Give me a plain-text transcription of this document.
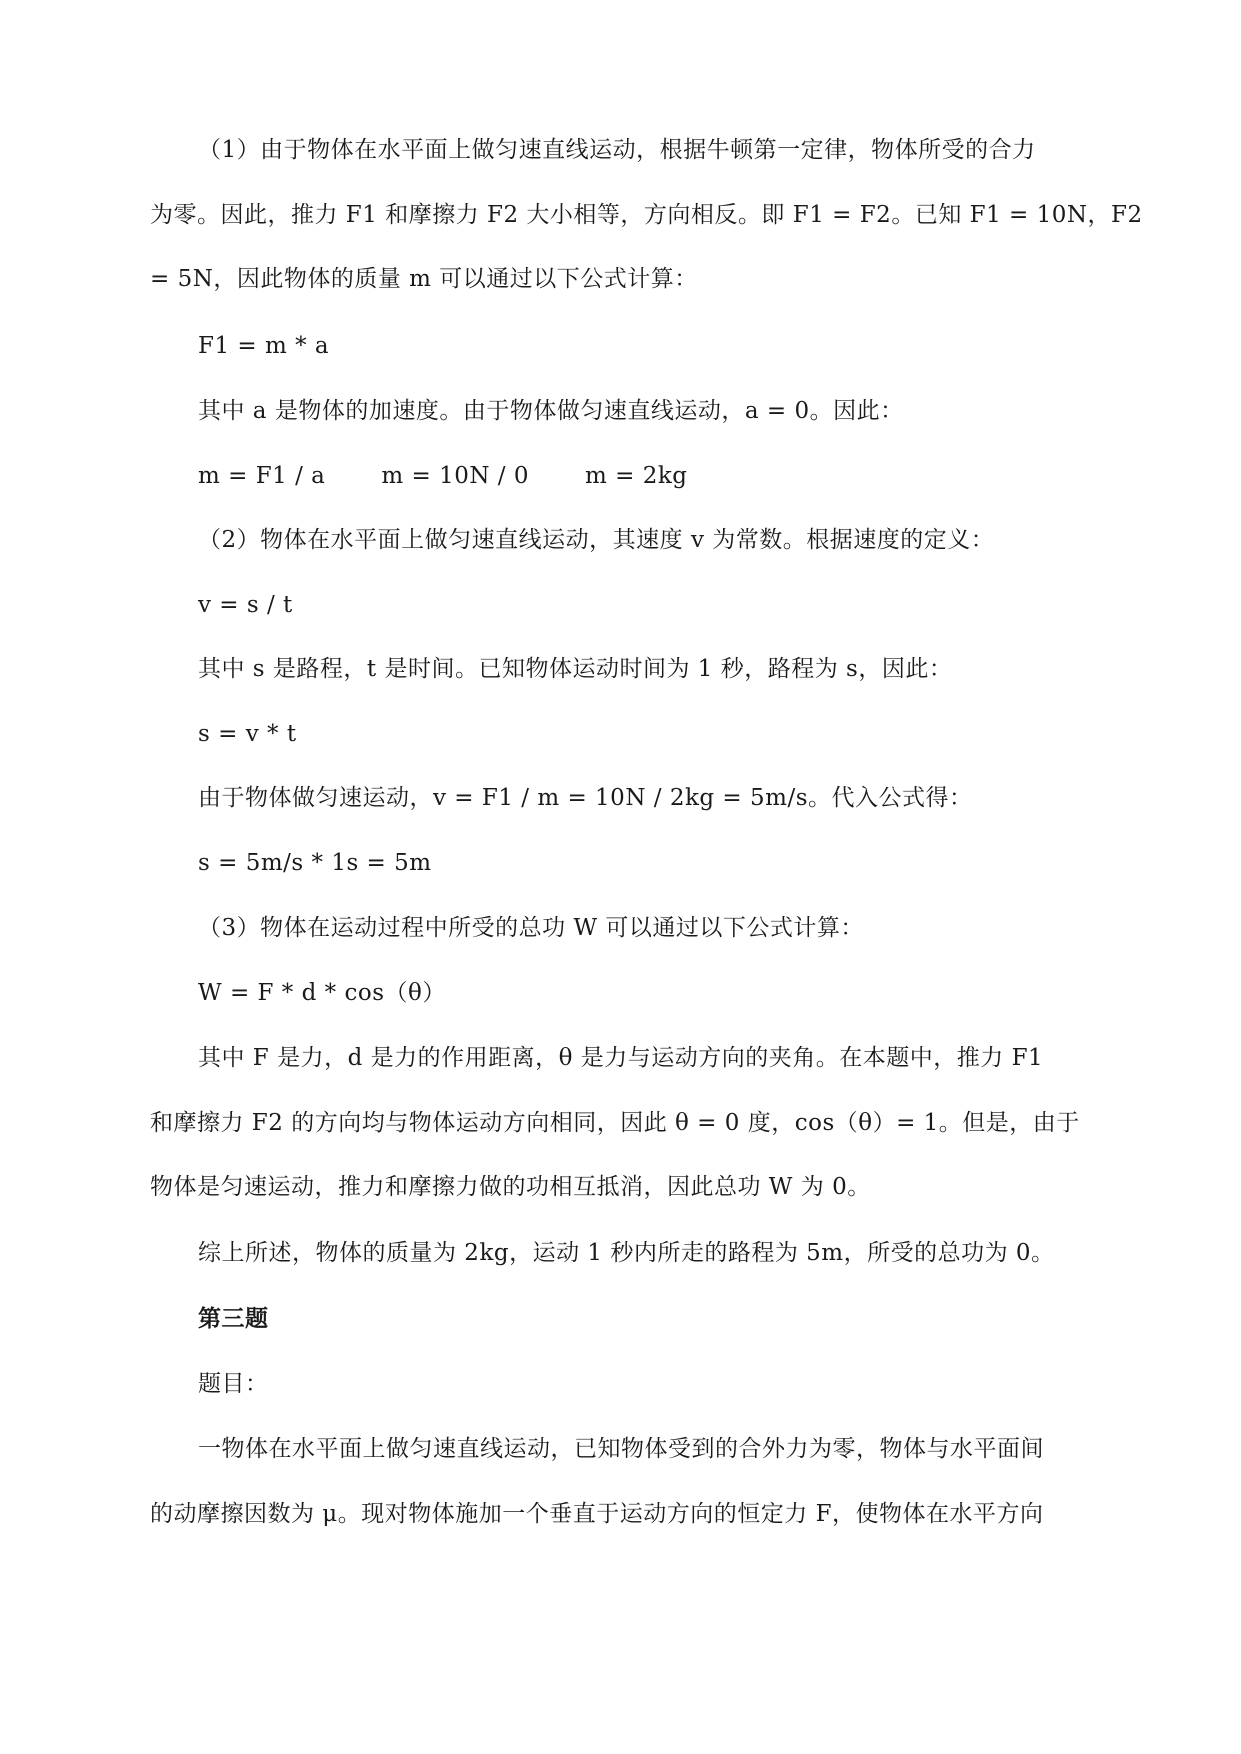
（1）由于物体在水平面上做匀速直线运动，根据牛顿第一定律，物体所受的合力
为零。因此，推力 F1 和摩擦力 F2 大小相等，方向相反。即 F1 = F2。已知 F1 = 10N，F2
= 5N，因此物体的质量 m 可以通过以下公式计算：
F1 = m * a
其中 a 是物体的加速度。由于物体做匀速直线运动，a = 0。因此：
m = F1 / a m = 10N / 0 m = 2kg
（2）物体在水平面上做匀速直线运动，其速度 v 为常数。根据速度的定义：
v = s / t
其中 s 是路程，t 是时间。已知物体运动时间为 1 秒，路程为 s，因此：
s = v * t
由于物体做匀速运动，v = F1 / m = 10N / 2kg = 5m/s。代入公式得：
s = 5m/s * 1s = 5m
（3）物体在运动过程中所受的总功 W 可以通过以下公式计算：
W = F * d * cos（θ）
其中 F 是力，d 是力的作用距离，θ 是力与运动方向的夹角。在本题中，推力 F1
和摩擦力 F2 的方向均与物体运动方向相同，因此 θ = 0 度，cos（θ）= 1。但是，由于
物体是匀速运动，推力和摩擦力做的功相互抵消，因此总功 W 为 0。
综上所述，物体的质量为 2kg，运动 1 秒内所走的路程为 5m，所受的总功为 0。
第三题
题目：
一物体在水平面上做匀速直线运动，已知物体受到的合外力为零，物体与水平面间
的动摩擦因数为 μ。现对物体施加一个垂直于运动方向的恒定力 F，使物体在水平方向
